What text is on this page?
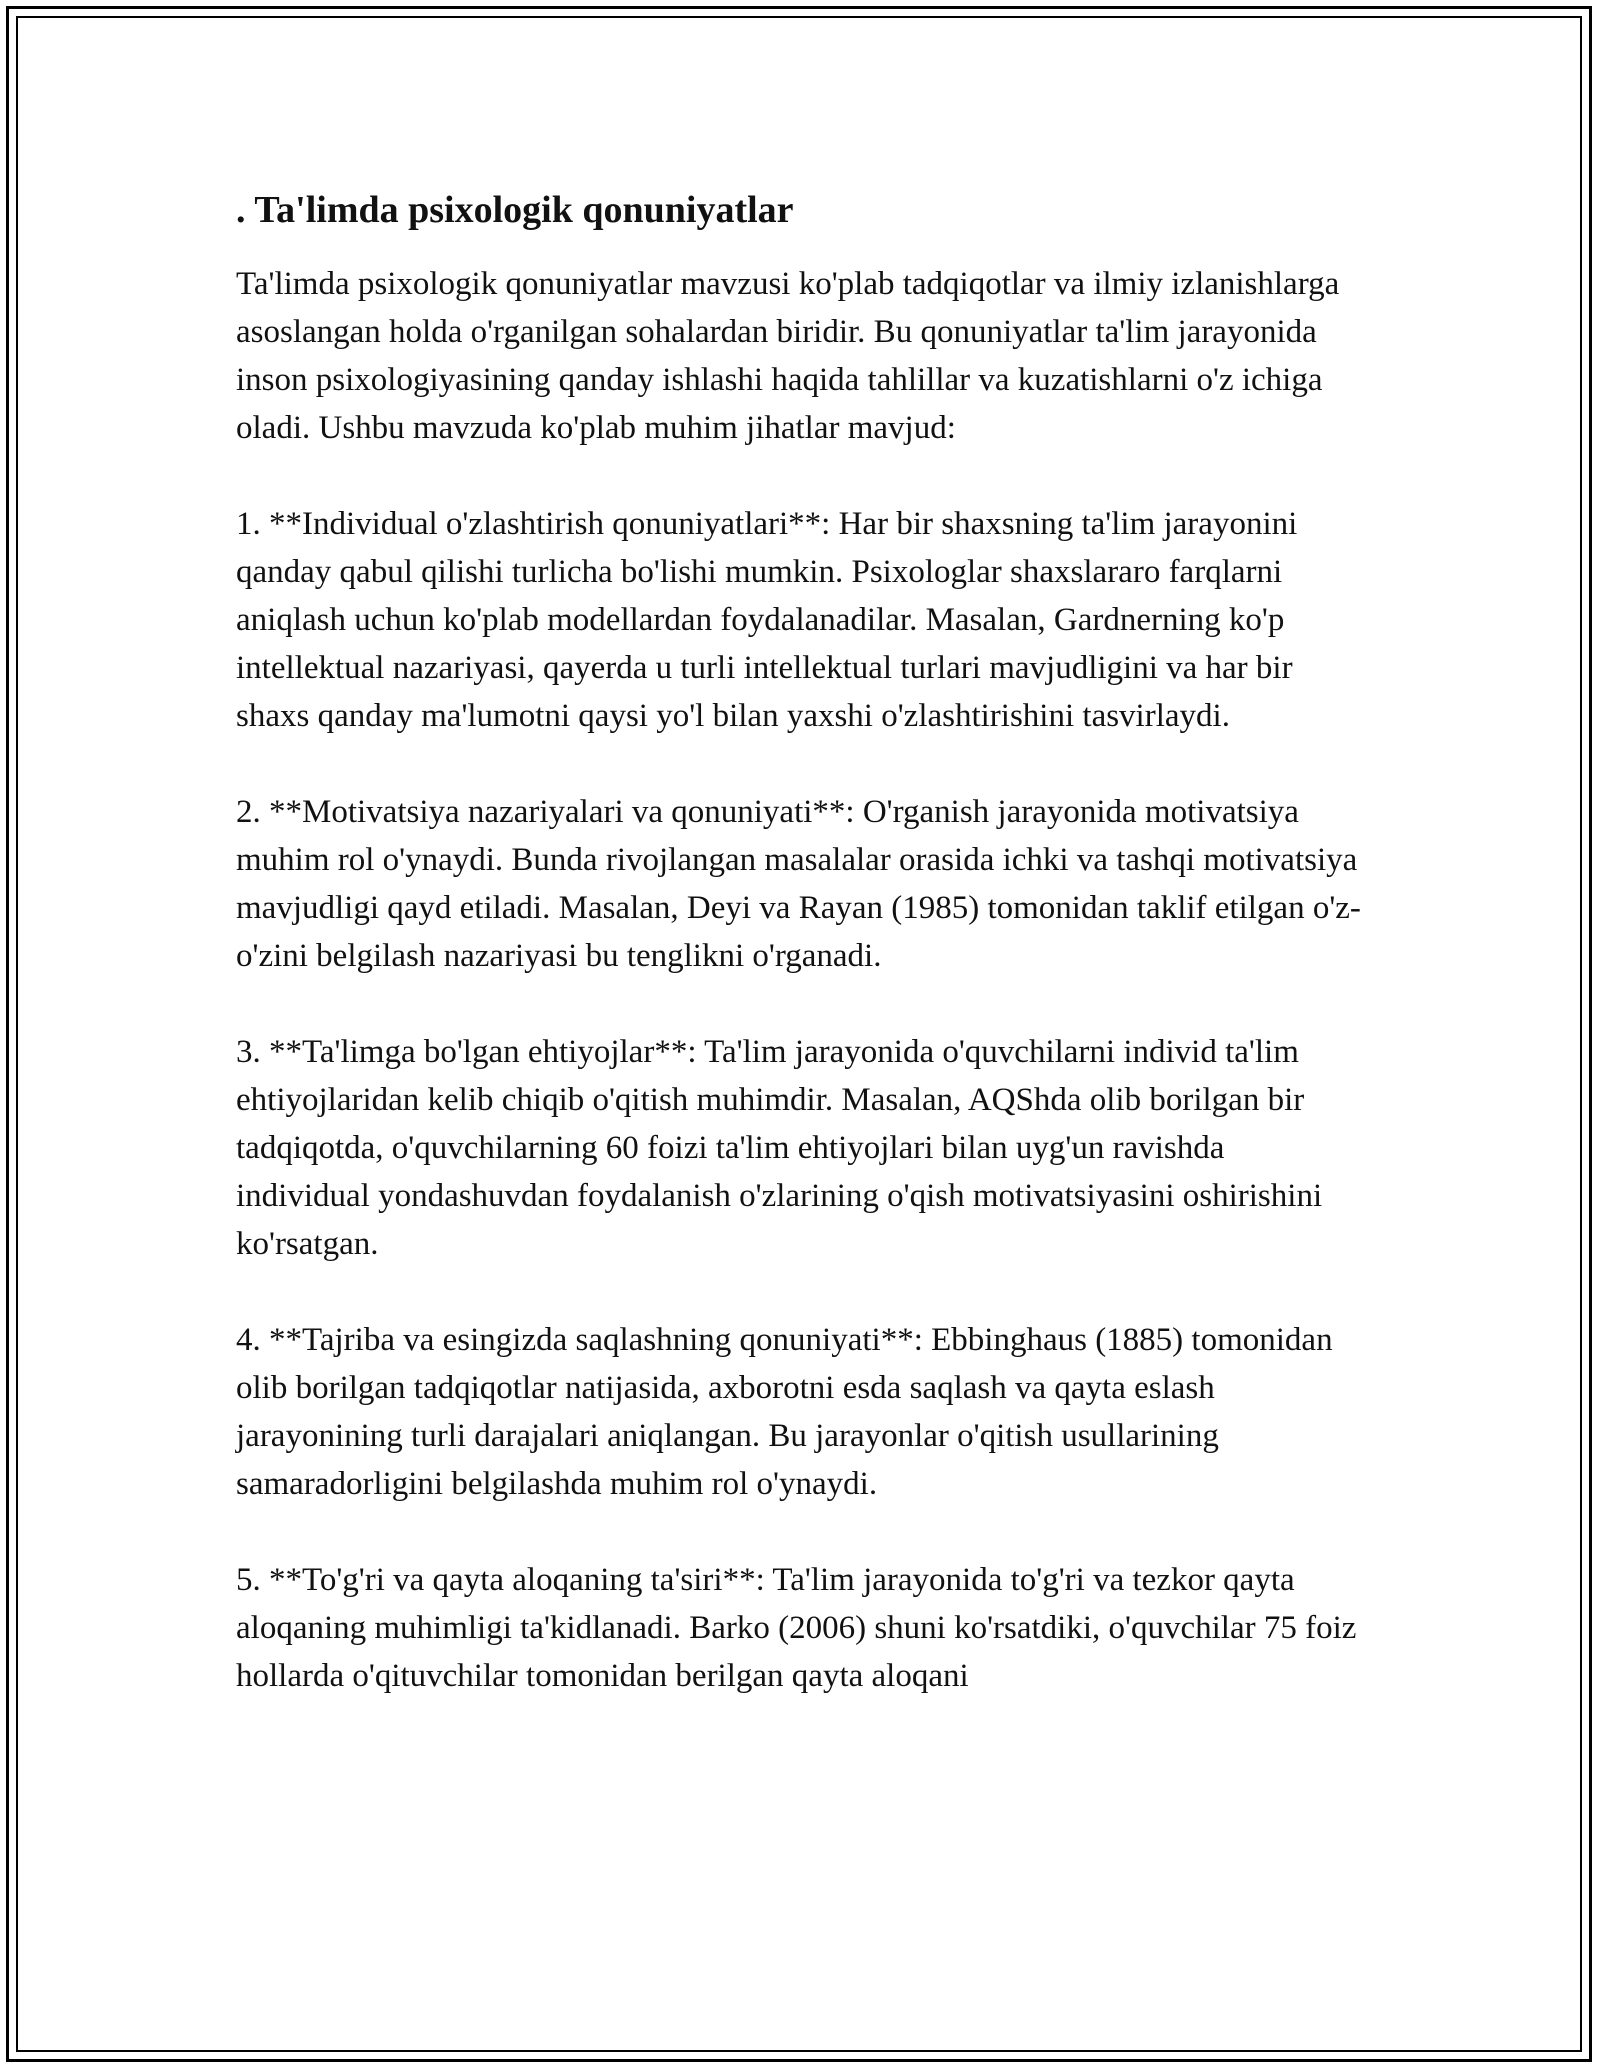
. Ta'limda psixologik qonuniyatlar

Ta'limda psixologik qonuniyatlar mavzusi ko'plab tadqiqotlar va ilmiy izlanishlarga asoslangan holda o'rganilgan sohalardan biridir. Bu qonuniyatlar ta'lim jarayonida inson psixologiyasining qanday ishlashi haqida tahlillar va kuzatishlarni o'z ichiga oladi. Ushbu mavzuda ko'plab muhim jihatlar mavjud:

1. **Individual o'zlashtirish qonuniyatlari**: Har bir shaxsning ta'lim jarayonini qanday qabul qilishi turlicha bo'lishi mumkin. Psixologlar shaxslararo farqlarni aniqlash uchun ko'plab modellardan foydalanadilar. Masalan, Gardnerning ko'p intellektual nazariyasi, qayerda u turli intellektual turlari mavjudligini va har bir shaxs qanday ma'lumotni qaysi yo'l bilan yaxshi o'zlashtirishini tasvirlaydi.

2. **Motivatsiya nazariyalari va qonuniyati**: O'rganish jarayonida motivatsiya muhim rol o'ynaydi. Bunda rivojlangan masalalar orasida ichki va tashqi motivatsiya mavjudligi qayd etiladi. Masalan, Deyi va Rayan (1985) tomonidan taklif etilgan o'z-o'zini belgilash nazariyasi bu tenglikni o'rganadi.

3. **Ta'limga bo'lgan ehtiyojlar**: Ta'lim jarayonida o'quvchilarni individ ta'lim ehtiyojlaridan kelib chiqib o'qitish muhimdir. Masalan, AQShda olib borilgan bir tadqiqotda, o'quvchilarning 60 foizi ta'lim ehtiyojlari bilan uyg'un ravishda individual yondashuvdan foydalanish o'zlarining o'qish motivatsiyasini oshirishini ko'rsatgan.

4. **Tajriba va esingizda saqlashning qonuniyati**: Ebbinghaus (1885) tomonidan olib borilgan tadqiqotlar natijasida, axborotni esda saqlash va qayta eslash jarayonining turli darajalari aniqlangan. Bu jarayonlar o'qitish usullarining samaradorligini belgilashda muhim rol o'ynaydi.

5. **To'g'ri va qayta aloqaning ta'siri**: Ta'lim jarayonida to'g'ri va tezkor qayta aloqaning muhimligi ta'kidlanadi. Barko (2006) shuni ko'rsatdiki, o'quvchilar 75 foiz hollarda o'qituvchilar tomonidan berilgan qayta aloqani
